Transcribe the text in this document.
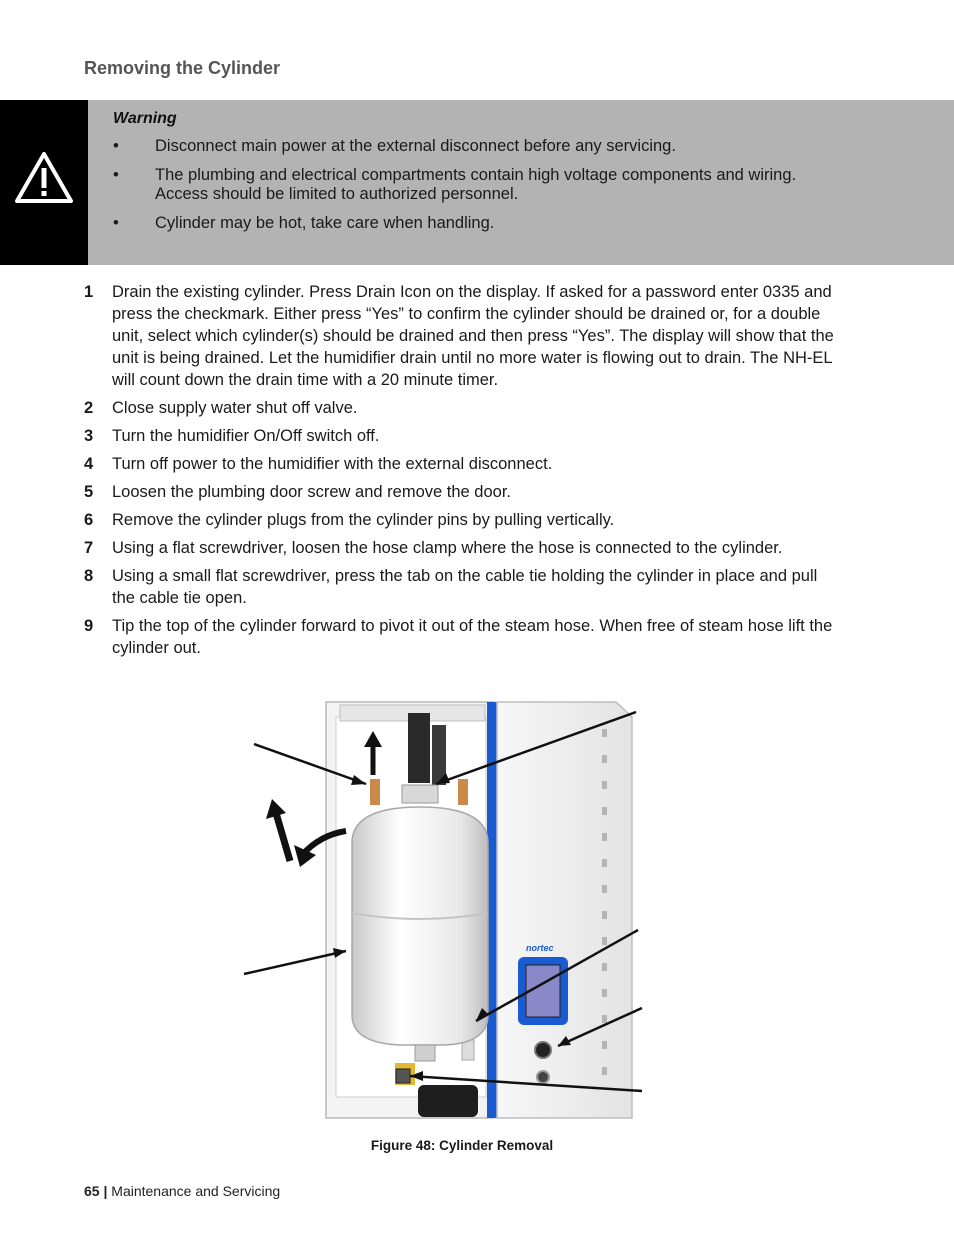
Removing the Cylinder
Warning
• Disconnect main power at the external disconnect before any servicing.
• The plumbing and electrical compartments contain high voltage components and wiring. Access should be limited to authorized personnel.
• Cylinder may be hot, take care when handling.
1 Drain the existing cylinder. Press Drain Icon on the display. If asked for a password enter 0335 and press the checkmark. Either press “Yes” to confirm the cylinder should be drained or, for a double unit, select which cylinder(s) should be drained and then press “Yes”. The display will show that the unit is being drained. Let the humidifier drain until no more water is flowing out to drain. The NH-EL will count down the drain time with a 20 minute timer.
2 Close supply water shut off valve.
3 Turn the humidifier On/Off switch off.
4 Turn off power to the humidifier with the external disconnect.
5 Loosen the plumbing door screw and remove the door.
6 Remove the cylinder plugs from the cylinder pins by pulling vertically.
7 Using a flat screwdriver, loosen the hose clamp where the hose is connected to the cylinder.
8 Using a small flat screwdriver, press the tab on the cable tie holding the cylinder in place and pull the cable tie open.
9 Tip the top of the cylinder forward to pivot it out of the steam hose. When free of steam hose lift the cylinder out.
nortec
Figure 48: Cylinder Removal
65 | Maintenance and Servicing
